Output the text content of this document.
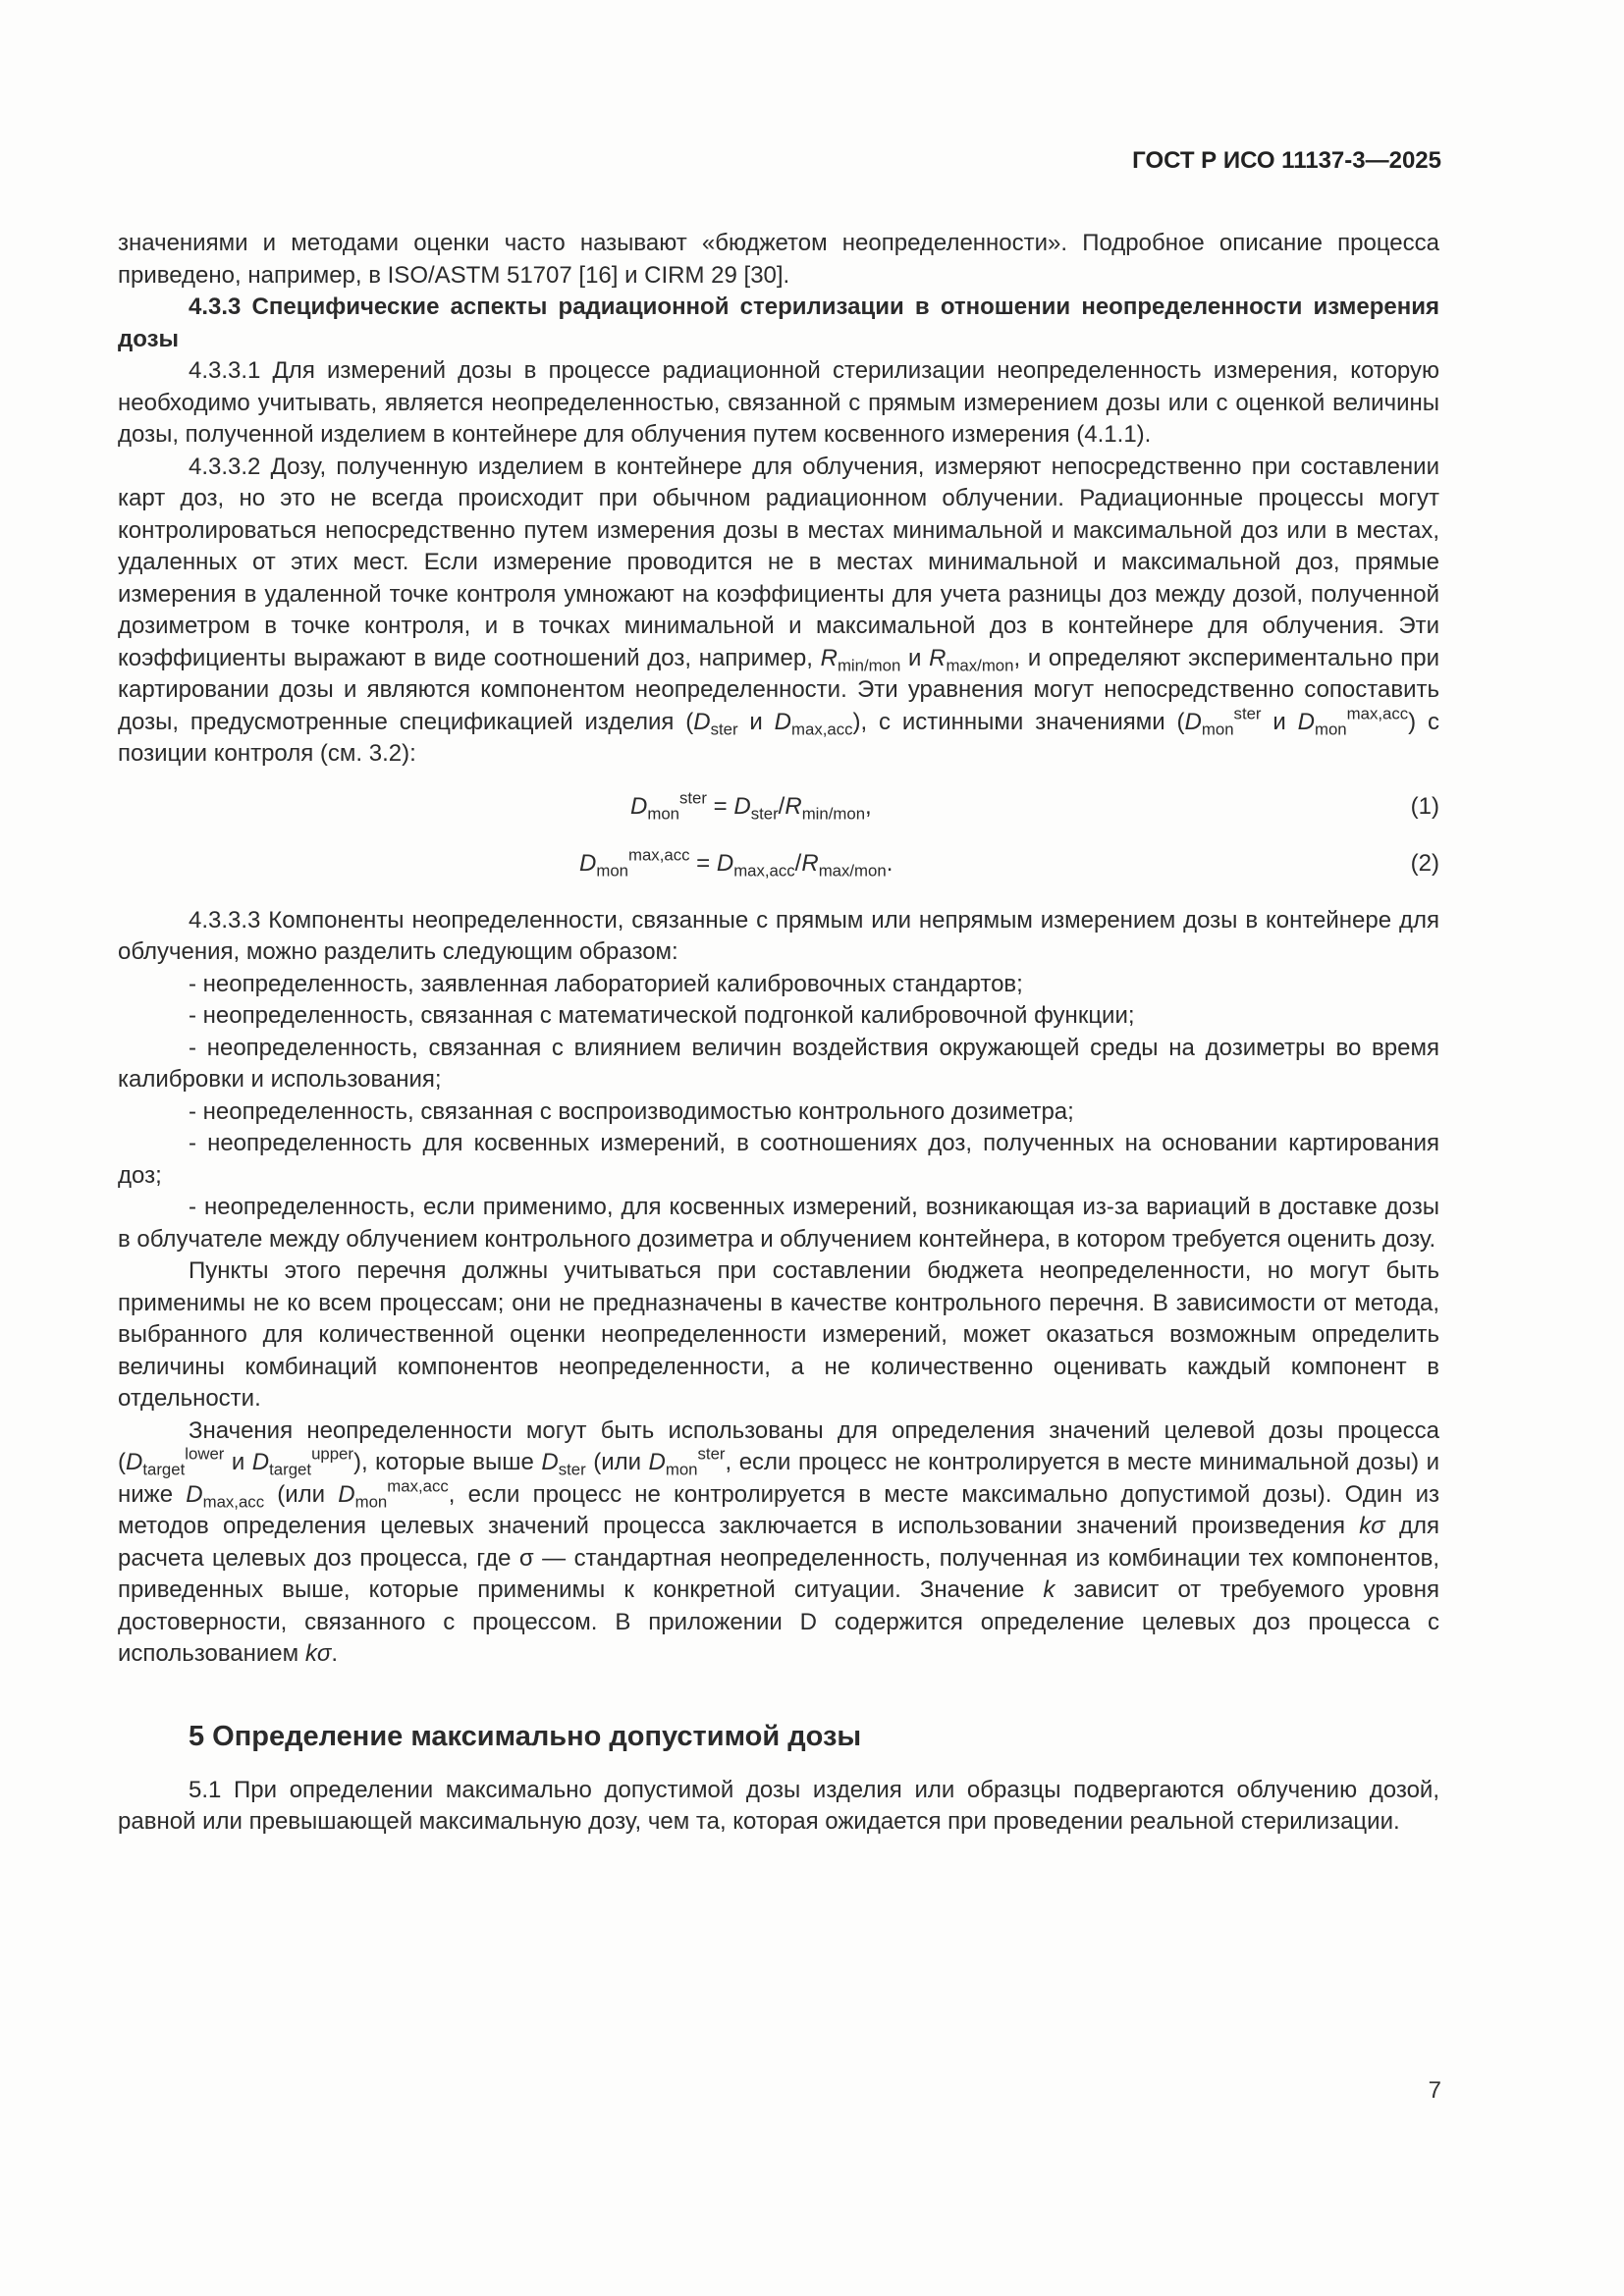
ГОСТ Р ИСО 11137-3—2025

значениями и методами оценки часто называют «бюджетом неопределенности». Подробное описание процесса приведено, например, в ISO/ASTM 51707 [16] и CIRM 29 [30].

4.3.3 Специфические аспекты радиационной стерилизации в отношении неопределенности измерения дозы

4.3.3.1 Для измерений дозы в процессе радиационной стерилизации неопределенность измерения, которую необходимо учитывать, является неопределенностью, связанной с прямым измерением дозы или с оценкой величины дозы, полученной изделием в контейнере для облучения путем косвенного измерения (4.1.1).

4.3.3.2 Дозу, полученную изделием в контейнере для облучения, измеряют непосредственно при составлении карт доз, но это не всегда происходит при обычном радиационном облучении. Радиационные процессы могут контролироваться непосредственно путем измерения дозы в местах минимальной и максимальной доз или в местах, удаленных от этих мест. Если измерение проводится не в местах минимальной и максимальной доз, прямые измерения в удаленной точке контроля умножают на коэффициенты для учета разницы доз между дозой, полученной дозиметром в точке контроля, и в точках минимальной и максимальной доз в контейнере для облучения. Эти коэффициенты выражают в виде соотношений доз, например, $R_{min/mon}$ и $R_{max/mon}$, и определяют экспериментально при картировании дозы и являются компонентом неопределенности. Эти уравнения могут непосредственно сопоставить дозы, предусмотренные спецификацией изделия ($D_{ster}$ и $D_{max,acc}$), с истинными значениями ($D_{mon}^{ster}$ и $D_{mon}^{max,acc}$) с позиции контроля (см. 3.2):

$D_{mon}^{ster} = D_{ster}/R_{min/mon}$,	(1)
$D_{mon}^{max,acc} = D_{max,acc}/R_{max/mon}$.	(2)

4.3.3.3 Компоненты неопределенности, связанные с прямым или непрямым измерением дозы в контейнере для облучения, можно разделить следующим образом:

- неопределенность, заявленная лабораторией калибровочных стандартов;

- неопределенность, связанная с математической подгонкой калибровочной функции;

- неопределенность, связанная с влиянием величин воздействия окружающей среды на дозиметры во время калибровки и использования;

- неопределенность, связанная с воспроизводимостью контрольного дозиметра;

- неопределенность для косвенных измерений, в соотношениях доз, полученных на основании картирования доз;

- неопределенность, если применимо, для косвенных измерений, возникающая из-за вариаций в доставке дозы в облучателе между облучением контрольного дозиметра и облучением контейнера, в котором требуется оценить дозу.

Пункты этого перечня должны учитываться при составлении бюджета неопределенности, но могут быть применимы не ко всем процессам; они не предназначены в качестве контрольного перечня. В зависимости от метода, выбранного для количественной оценки неопределенности измерений, может оказаться возможным определить величины комбинаций компонентов неопределенности, а не количественно оценивать каждый компонент в отдельности.

Значения неопределенности могут быть использованы для определения значений целевой дозы процесса ($D_{target}^{lower}$ и $D_{target}^{upper}$), которые выше $D_{ster}$ (или $D_{mon}^{ster}$, если процесс не контролируется в месте минимальной дозы) и ниже $D_{max,acc}$ (или $D_{mon}^{max,acc}$, если процесс не контролируется в месте максимально допустимой дозы). Один из методов определения целевых значений процесса заключается в использовании значений произведения kσ для расчета целевых доз процесса, где σ — стандартная неопределенность, полученная из комбинации тех компонентов, приведенных выше, которые применимы к конкретной ситуации. Значение k зависит от требуемого уровня достоверности, связанного с процессом. В приложении D содержится определение целевых доз процесса с использованием kσ.

5 Определение максимально допустимой дозы

5.1 При определении максимально допустимой дозы изделия или образцы подвергаются облучению дозой, равной или превышающей максимальную дозу, чем та, которая ожидается при проведении реальной стерилизации.

7
